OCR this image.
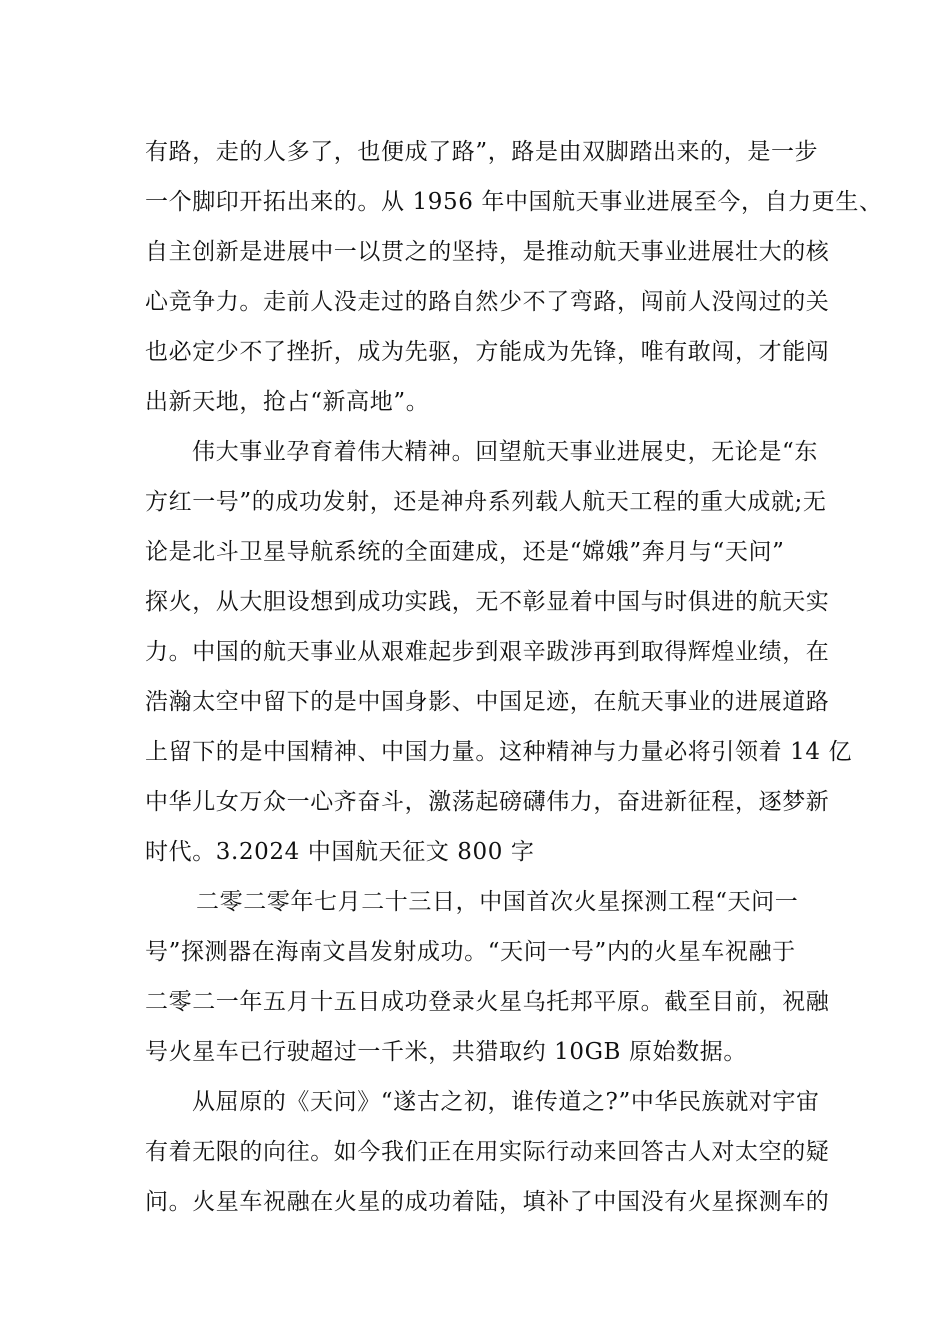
有路，走的人多了，也便成了路”，路是由双脚踏出来的，是一步
一个脚印开拓出来的。从 1956 年中国航天事业进展至今，自力更生、
自主创新是进展中一以贯之的坚持，是推动航天事业进展壮大的核
心竞争力。走前人没走过的路自然少不了弯路，闯前人没闯过的关
也必定少不了挫折，成为先驱，方能成为先锋，唯有敢闯，才能闯
出新天地，抢占“新高地”。
伟大事业孕育着伟大精神。回望航天事业进展史，无论是“东
方红一号”的成功发射，还是神舟系列载人航天工程的重大成就;无
论是北斗卫星导航系统的全面建成，还是“嫦娥”奔月与“天问”
探火，从大胆设想到成功实践，无不彰显着中国与时俱进的航天实
力。中国的航天事业从艰难起步到艰辛跋涉再到取得辉煌业绩，在
浩瀚太空中留下的是中国身影、中国足迹，在航天事业的进展道路
上留下的是中国精神、中国力量。这种精神与力量必将引领着 14 亿
中华儿女万众一心齐奋斗，激荡起磅礴伟力，奋进新征程，逐梦新
时代。3.2024 中国航天征文 800 字
二零二零年七月二十三日，中国首次火星探测工程“天问一
号”探测器在海南文昌发射成功。“天问一号”内的火星车祝融于
二零二一年五月十五日成功登录火星乌托邦平原。截至目前，祝融
号火星车已行驶超过一千米，共猎取约 10GB 原始数据。
从屈原的《天问》“遂古之初，谁传道之?”中华民族就对宇宙
有着无限的向往。如今我们正在用实际行动来回答古人对太空的疑
问。火星车祝融在火星的成功着陆，填补了中国没有火星探测车的
